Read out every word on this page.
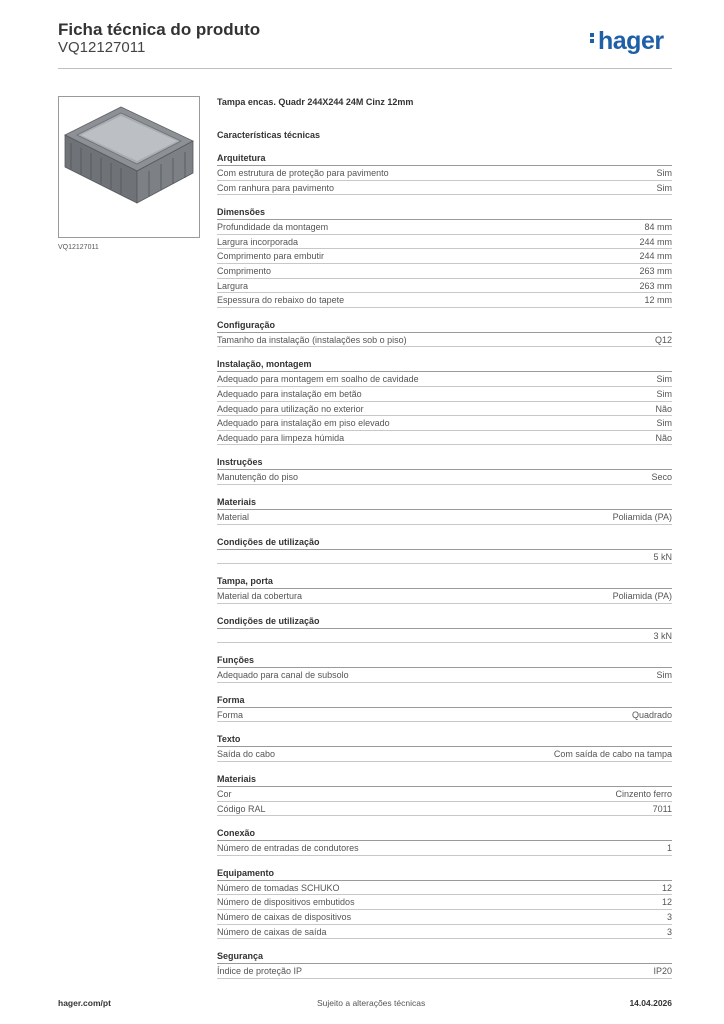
Ficha técnica do produto
VQ12127011	hager
VQ12127011
Tampa encas. Quadr 244X244 24M Cinz 12mm
Características técnicas
Arquitetura
Com estrutura de proteção para pavimento	Sim
Com ranhura para pavimento	Sim
Dimensões
Profundidade da montagem	84 mm
Largura incorporada	244 mm
Comprimento para embutir	244 mm
Comprimento	263 mm
Largura	263 mm
Espessura do rebaixo do tapete	12 mm
Configuração
Tamanho da instalação (instalações sob o piso)	Q12
Instalação, montagem
Adequado para montagem em soalho de cavidade	Sim
Adequado para instalação em betão	Sim
Adequado para utilização no exterior	Não
Adequado para instalação em piso elevado	Sim
Adequado para limpeza húmida	Não
Instruções
Manutenção do piso	Seco
Materiais
Material	Poliamida (PA)
Condições de utilização
5 kN
Tampa, porta
Material da cobertura	Poliamida (PA)
Condições de utilização
3 kN
Funções
Adequado para canal de subsolo	Sim
Forma
Forma	Quadrado
Texto
Saída do cabo	Com saída de cabo na tampa
Materiais
Cor	Cinzento ferro
Código RAL	7011
Conexão
Número de entradas de condutores	1
Equipamento
Número de tomadas SCHUKO	12
Número de dispositivos embutidos	12
Número de caixas de dispositivos	3
Número de caixas de saída	3
Segurança
Índice de proteção IP	IP20
hager.com/pt	Sujeito a alterações técnicas	14.04.2026
